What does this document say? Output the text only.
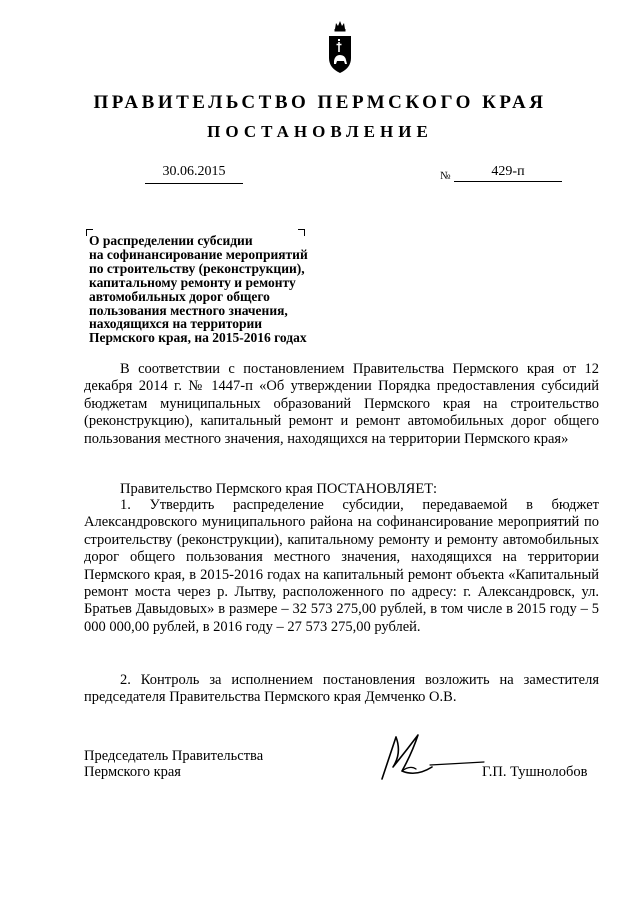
ПРАВИТЕЛЬСТВО ПЕРМСКОГО КРАЯ
ПОСТАНОВЛЕНИЕ
30.06.2015	№	429-п
О распределении субсидии
на софинансирование мероприятий
по строительству (реконструкции),
капитальному ремонту и ремонту
автомобильных дорог общего
пользования местного значения,
находящихся на территории
Пермского края, на 2015-2016 годах

В соответствии с постановлением Правительства Пермского края от 12 декабря 2014 г. № 1447-п «Об утверждении Порядка предоставления субсидий бюджетам муниципальных образований Пермского края на строительство (реконструкцию), капитальный ремонт и ремонт автомобильных дорог общего пользования местного значения, находящихся на территории Пермского края»

Правительство Пермского края ПОСТАНОВЛЯЕТ:

1. Утвердить распределение субсидии, передаваемой в бюджет Александровского муниципального района на софинансирование мероприятий по строительству (реконструкции), капитальному ремонту и ремонту автомобильных дорог общего пользования местного значения, находящихся на территории Пермского края, в 2015-2016 годах на капитальный ремонт объекта «Капитальный ремонт моста через р. Лытву, расположенного по адресу: г. Александровск, ул. Братьев Давыдовых» в размере – 32 573 275,00 рублей, в том числе в 2015 году – 5 000 000,00 рублей, в 2016 году – 27 573 275,00 рублей.

2. Контроль за исполнением постановления возложить на заместителя председателя Правительства Пермского края Демченко О.В.

Председатель Правительства
Пермского края	Г.П. Тушнолобов
